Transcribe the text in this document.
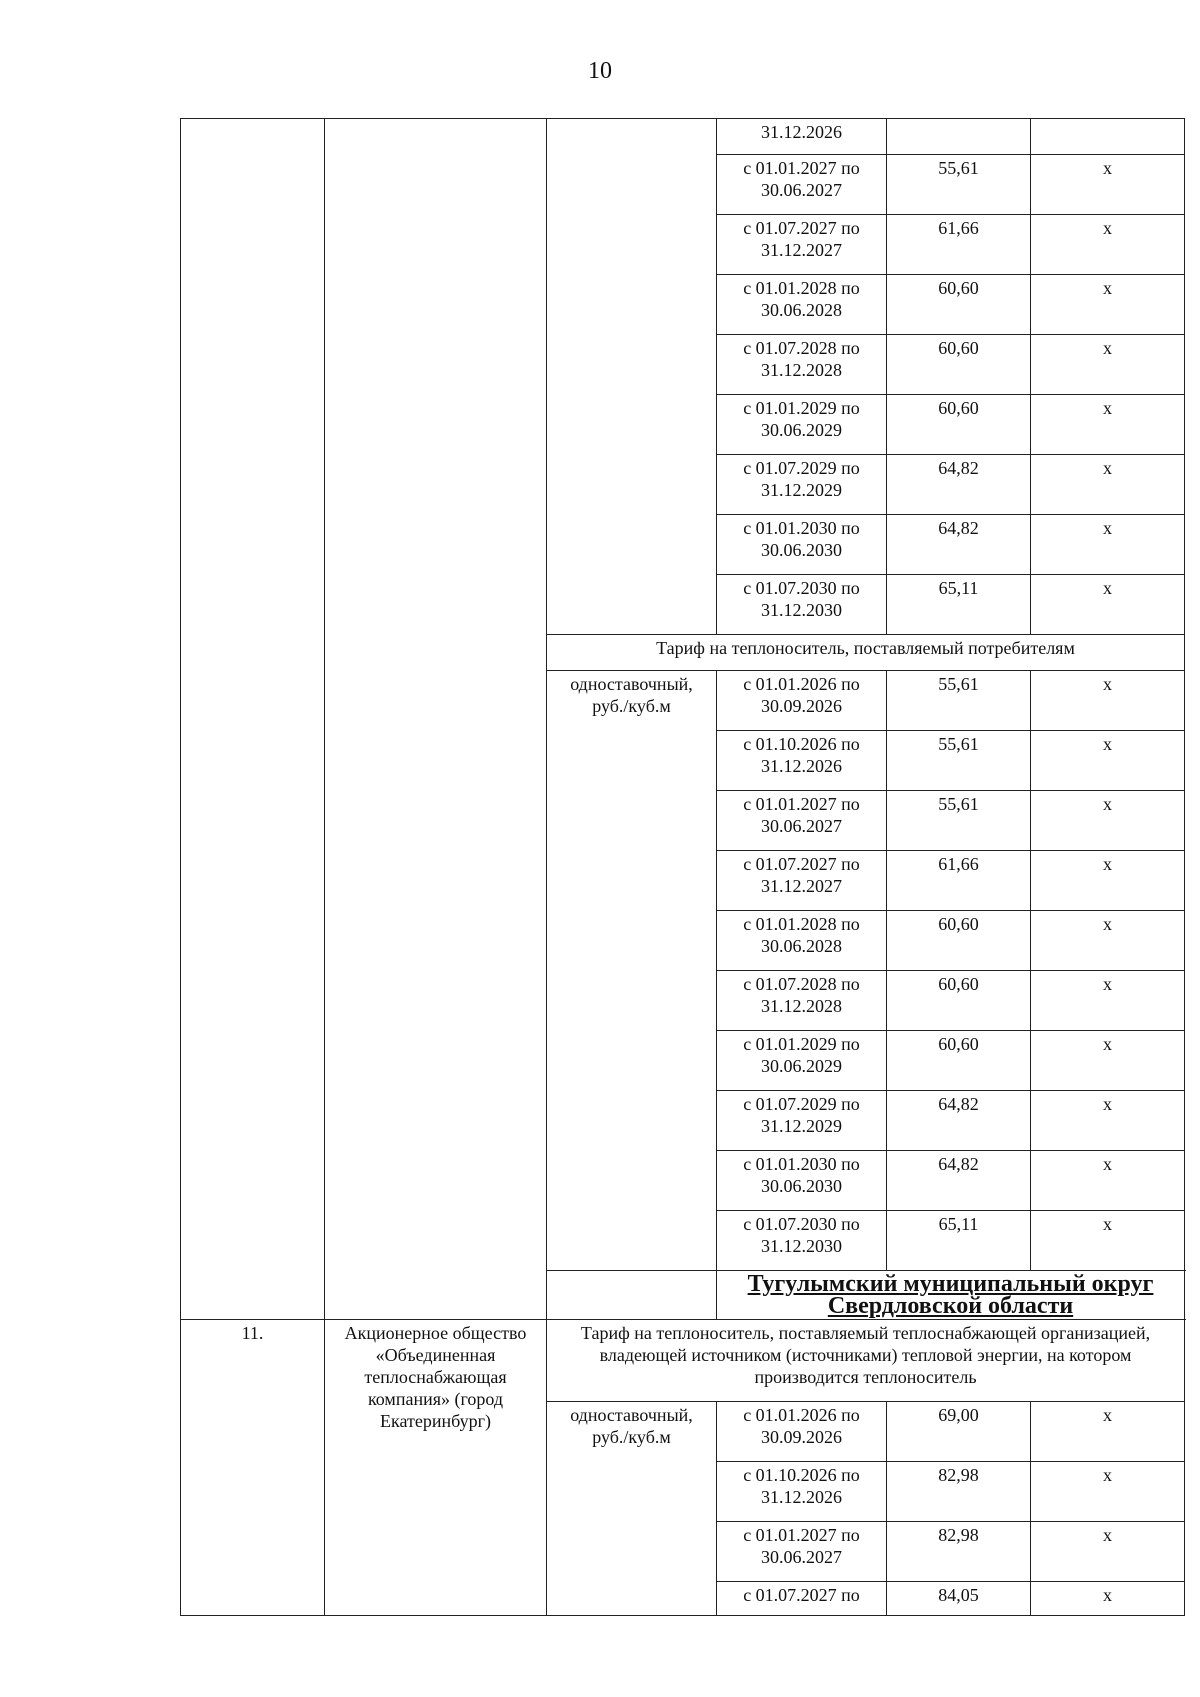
10
			31.12.2026		
			с 01.01.2027 по 30.06.2027	55,61	х
			с 01.07.2027 по 31.12.2027	61,66	х
			с 01.01.2028 по 30.06.2028	60,60	х
			с 01.07.2028 по 31.12.2028	60,60	х
			с 01.01.2029 по 30.06.2029	60,60	х
			с 01.07.2029 по 31.12.2029	64,82	х
			с 01.01.2030 по 30.06.2030	64,82	х
			с 01.07.2030 по 31.12.2030	65,11	х
		Тариф на теплоноситель, поставляемый потребителям			
		одноставочный, руб./куб.м	с 01.01.2026 по 30.09.2026	55,61	х
			с 01.10.2026 по 31.12.2026	55,61	х
			с 01.01.2027 по 30.06.2027	55,61	х
			с 01.07.2027 по 31.12.2027	61,66	х
			с 01.01.2028 по 30.06.2028	60,60	х
			с 01.07.2028 по 31.12.2028	60,60	х
			с 01.01.2029 по 30.06.2029	60,60	х
			с 01.07.2029 по 31.12.2029	64,82	х
			с 01.01.2030 по 30.06.2030	64,82	х
			с 01.07.2030 по 31.12.2030	65,11	х
			Тугулымский муниципальный округ Свердловской области		
11.	Акционерное общество «Объединенная теплоснабжающая компания» (город Екатеринбург)	Тариф на теплоноситель, поставляемый теплоснабжающей организацией, владеющей источником (источниками) тепловой энергии, на котором производится теплоноситель			
		одноставочный, руб./куб.м	с 01.01.2026 по 30.09.2026	69,00	х
			с 01.10.2026 по 31.12.2026	82,98	х
			с 01.01.2027 по 30.06.2027	82,98	х
			с 01.07.2027 по	84,05	х
